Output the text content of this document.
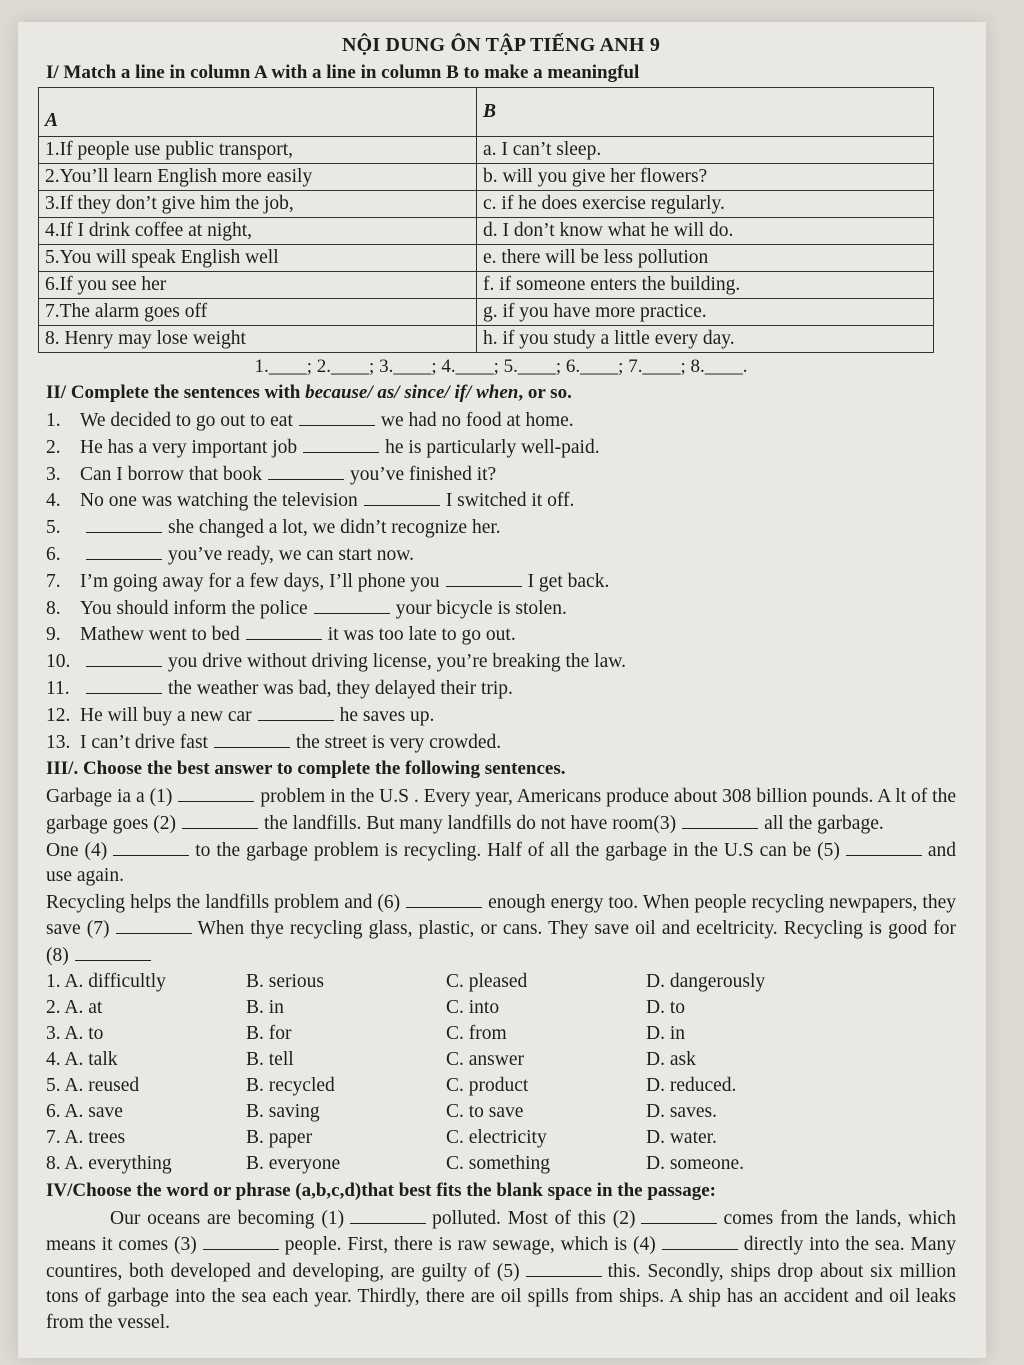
NỘI DUNG ÔN TẬP TIẾNG ANH 9
I/ Match a line in column A with a line in column B to make a meaningful
A	B
1.If people use public transport,	a. I can’t sleep.
2.You’ll learn English more easily	b. will you give her flowers?
3.If they don’t give him the job,	c. if he does exercise regularly.
4.If I drink coffee at night,	d. I don’t know what he will do.
5.You will speak English well	e. there will be less pollution
6.If you see her	f. if someone enters the building.
7.The alarm goes off	g. if you have more practice.
8. Henry may lose weight	h. if you study a little every day.
1.____; 2.____; 3.____; 4.____; 5.____; 6.____; 7.____; 8.____.
II/ Complete the sentences with because/ as/ since/ if/ when, or so.
1. We decided to go out to eat	we had no food at home.
2. He has a very important job	he is particularly well-paid.
3. Can I borrow that book	you’ve finished it?
4. No one was watching the television	I switched it off.
5.	she changed a lot, we didn’t recognize her.
6.	you’ve ready, we can start now.
7. I’m going away for a few days, I’ll phone you	I get back.
8. You should inform the police	your bicycle is stolen.
9. Mathew went to bed	it was too late to go out.
10.	you drive without driving license, you’re breaking the law.
11.	the weather was bad, they delayed their trip.
12. He will buy a new car	he saves up.
13. I can’t drive fast	the street is very crowded.
III/. Choose the best answer to complete the following sentences.

Garbage ia a (1)	problem in the U.S . Every year, Americans produce about 308 billion pounds. A lt of the garbage goes (2)	the landfills. But many landfills do not have room(3)	all the garbage.

One (4)	to the garbage problem is recycling. Half of all the garbage in the U.S can be (5)	and use again.

Recycling helps the landfills problem and (6)	enough energy too. When people recycling newpapers, they save (7)	When thye recycling glass, plastic, or cans. They save oil and eceltricity. Recycling is good for (8)

1. A. difficultly	B. serious	C. pleased	D. dangerously
2. A. at	B. in	C. into	D. to
3. A. to	B. for	C. from	D. in
4. A. talk	B. tell	C. answer	D. ask
5. A. reused	B. recycled	C. product	D. reduced.
6. A. save	B. saving	C. to save	D. saves.
7. A. trees	B. paper	C. electricity	D. water.
8. A. everything	B. everyone	C. something	D. someone.
IV/Choose the word or phrase (a,b,c,d)that best fits the blank space in the passage:

Our oceans are becoming (1)	polluted. Most of this (2)	comes from the lands, which means it comes (3)	people. First, there is raw sewage, which is (4)	directly into the sea. Many countires, both developed and developing, are guilty of (5)	this. Secondly, ships drop about six million tons of garbage into the sea each year. Thirdly, there are oil spills from ships. A ship has an accident and oil leaks from the vessel.
